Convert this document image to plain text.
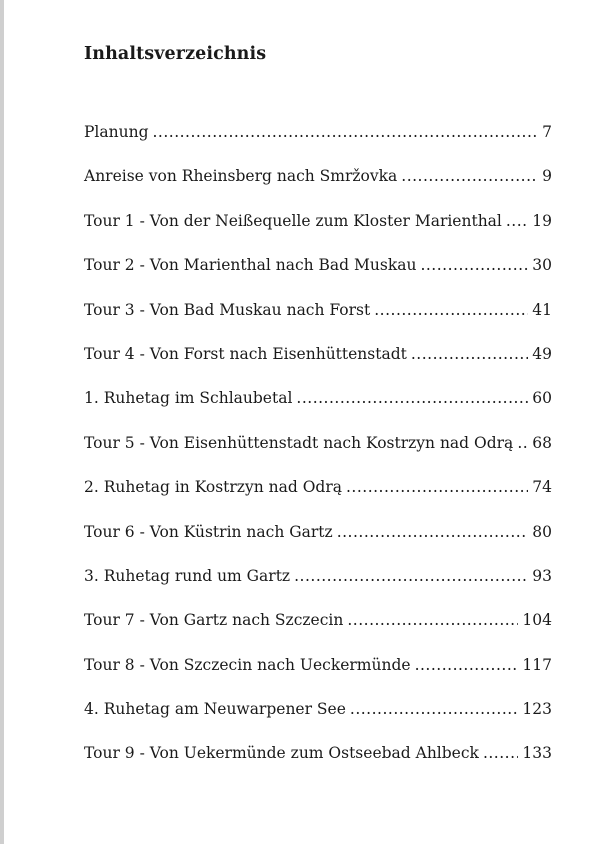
Inhaltsverzeichnis
Planung .....	7
Anreise von Rheinsberg nach Smržovka .....	9
Tour 1 - Von der Neißequelle zum Kloster Marienthal ..... 19
Tour 2 - Von Marienthal nach Bad Muskau .....	30
Tour 3 - Von Bad Muskau nach Forst .....	41
Tour 4 - Von Forst nach Eisenhüttenstadt .....	49
1. Ruhetag im Schlaubetal .....	60
Tour 5 - Von Eisenhüttenstadt nach Kostrzyn nad Odrą ..... 68
2. Ruhetag in Kostrzyn nad Odrą .....	74
Tour 6 - Von Küstrin nach Gartz .....	80
3. Ruhetag rund um Gartz .....	93
Tour 7 - Von Gartz nach Szczecin .....	104
Tour 8 - Von Szczecin nach Ueckermünde .....	117
4. Ruhetag am Neuwarpener See .....	123
Tour 9 - Von Uekermünde zum Ostseebad Ahlbeck .....	133
